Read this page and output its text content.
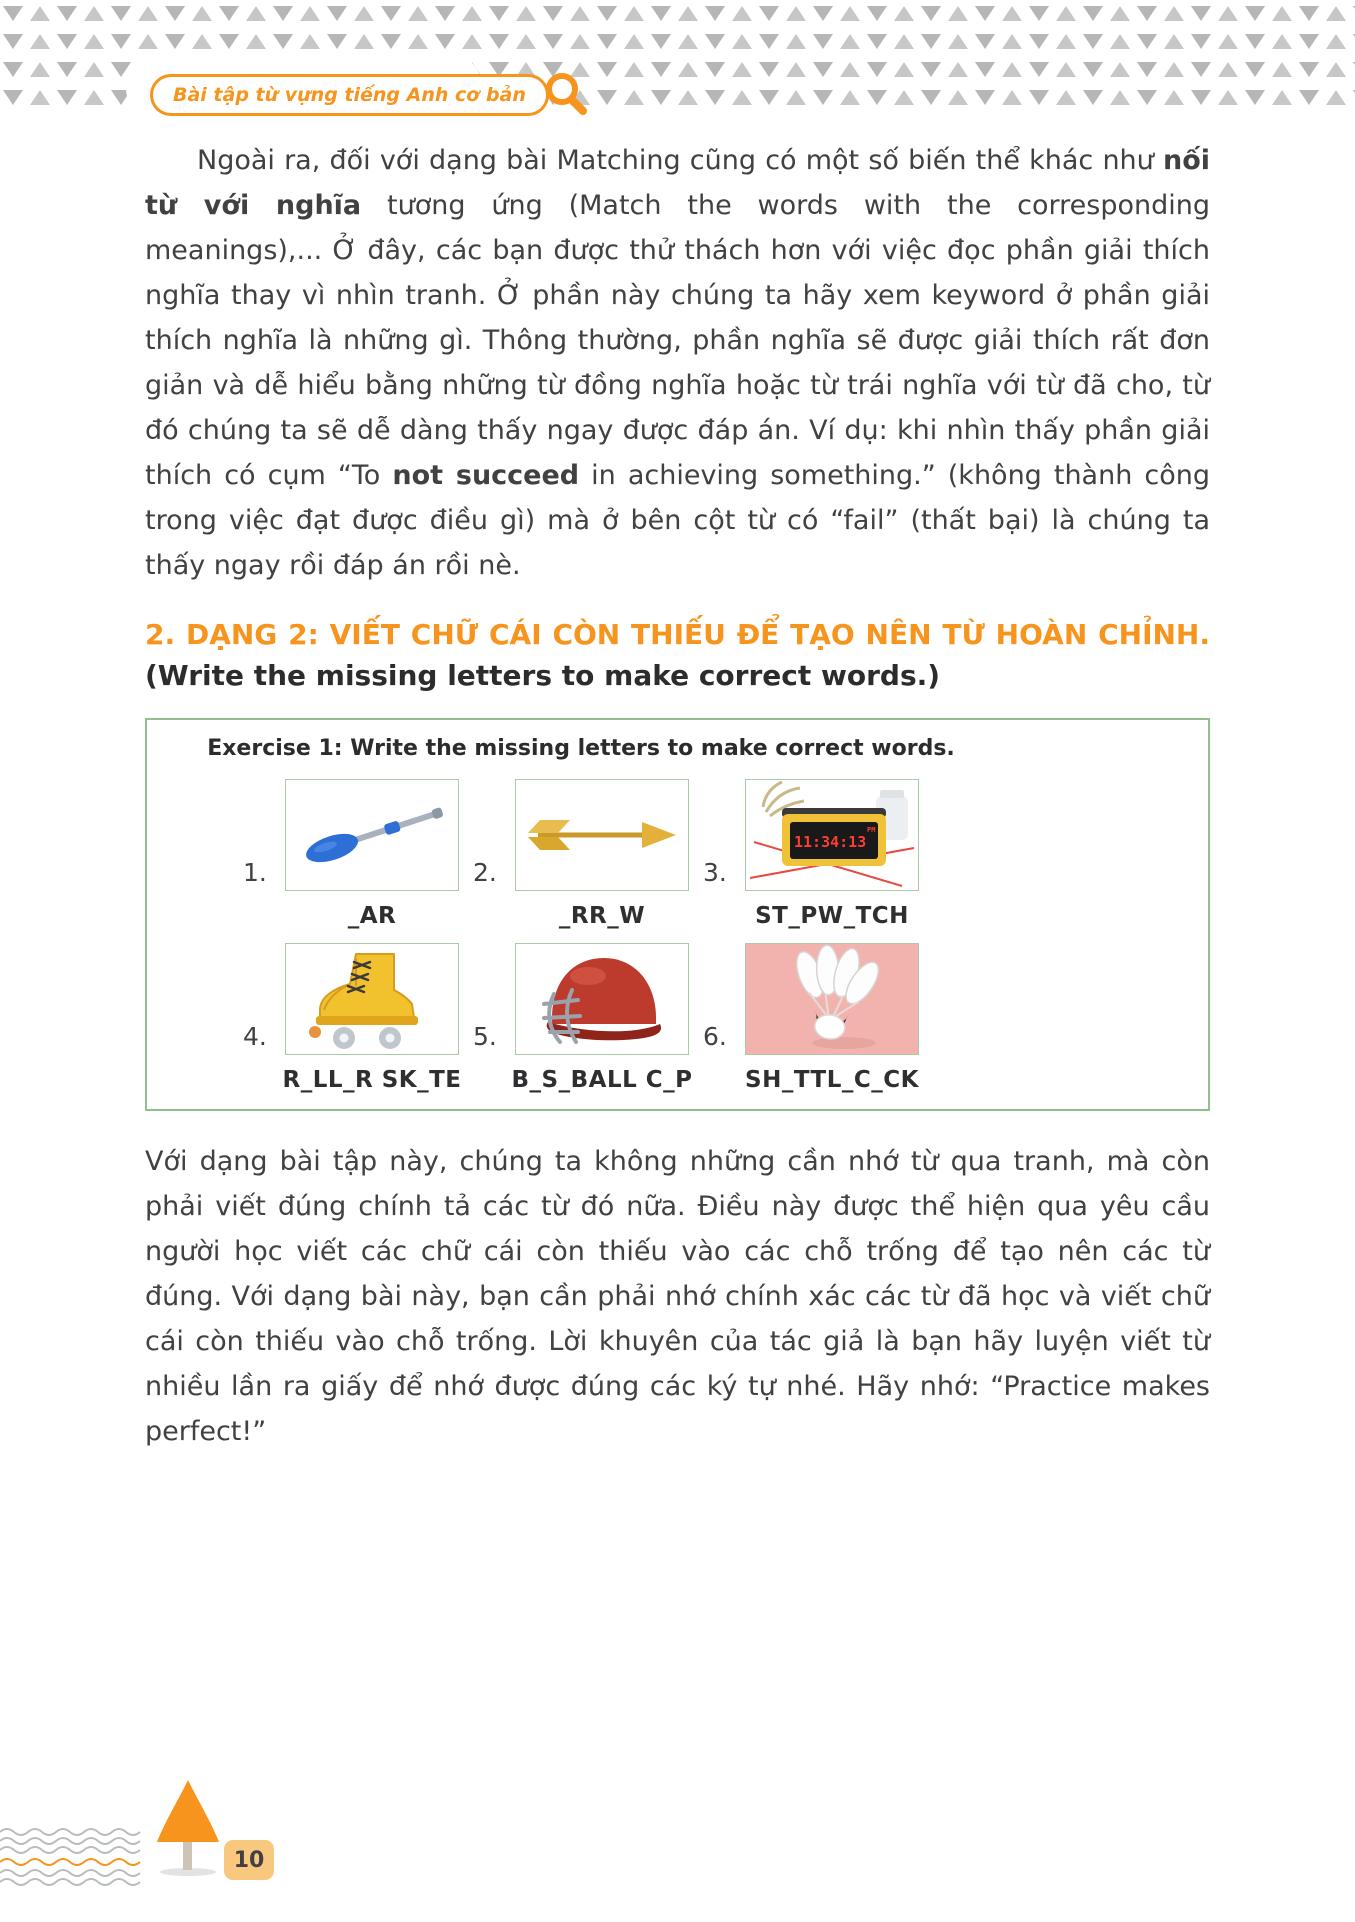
Bài tập từ vựng tiếng Anh cơ bản

Ngoài ra, đối với dạng bài Matching cũng có một số biến thể khác như nối từ với nghĩa tương ứng (Match the words with the corresponding meanings),... Ở đây, các bạn được thử thách hơn với việc đọc phần giải thích nghĩa thay vì nhìn tranh. Ở phần này chúng ta hãy xem keyword ở phần giải thích nghĩa là những gì. Thông thường, phần nghĩa sẽ được giải thích rất đơn giản và dễ hiểu bằng những từ đồng nghĩa hoặc từ trái nghĩa với từ đã cho, từ đó chúng ta sẽ dễ dàng thấy ngay được đáp án. Ví dụ: khi nhìn thấy phần giải thích có cụm “To not succeed in achieving something.” (không thành công trong việc đạt được điều gì) mà ở bên cột từ có “fail” (thất bại) là chúng ta thấy ngay rồi đáp án rồi nè.

2. DẠNG 2: VIẾT CHỮ CÁI CÒN THIẾU ĐỂ TẠO NÊN TỪ HOÀN CHỈNH. (Write the missing letters to make correct words.)
Exercise 1: Write the missing letters to make correct words.
1.
_AR
2.
_RR_W
3.
11:34:13
PM
ST_PW_TCH
4.
R_LL_R SK_TE
5.
B_S_BALL C_P
6.
SH_TTL_C_CK

Với dạng bài tập này, chúng ta không những cần nhớ từ qua tranh, mà còn phải viết đúng chính tả các từ đó nữa. Điều này được thể hiện qua yêu cầu người học viết các chữ cái còn thiếu vào các chỗ trống để tạo nên các từ đúng. Với dạng bài này, bạn cần phải nhớ chính xác các từ đã học và viết chữ cái còn thiếu vào chỗ trống. Lời khuyên của tác giả là bạn hãy luyện viết từ nhiều lần ra giấy để nhớ được đúng các ký tự nhé. Hãy nhớ: “Practice makes perfect!”

10
